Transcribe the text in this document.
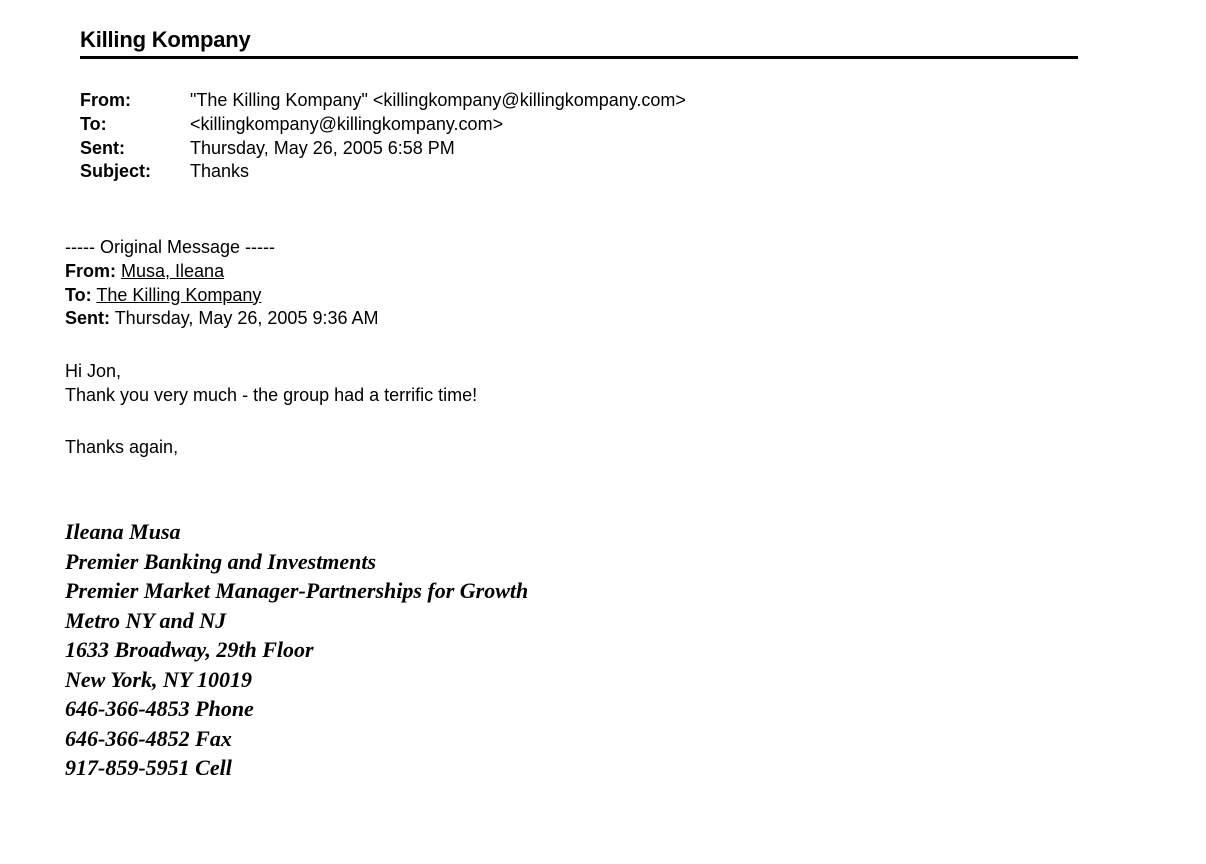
Killing Kompany
From:	"The Killing Kompany" <killingkompany@killingkompany.com>
To:	<killingkompany@killingkompany.com>
Sent:	Thursday, May 26, 2005 6:58 PM
Subject:	Thanks
----- Original Message -----
From: Musa, Ileana
To: The Killing Kompany
Sent: Thursday, May 26, 2005 9:36 AM
Hi Jon,
Thank you very much - the group had a terrific time!
Thanks again,
Ileana Musa
Premier Banking and Investments
Premier Market Manager-Partnerships for Growth
Metro NY and NJ
1633 Broadway, 29th Floor
New York, NY 10019
646-366-4853 Phone
646-366-4852 Fax
917-859-5951 Cell
